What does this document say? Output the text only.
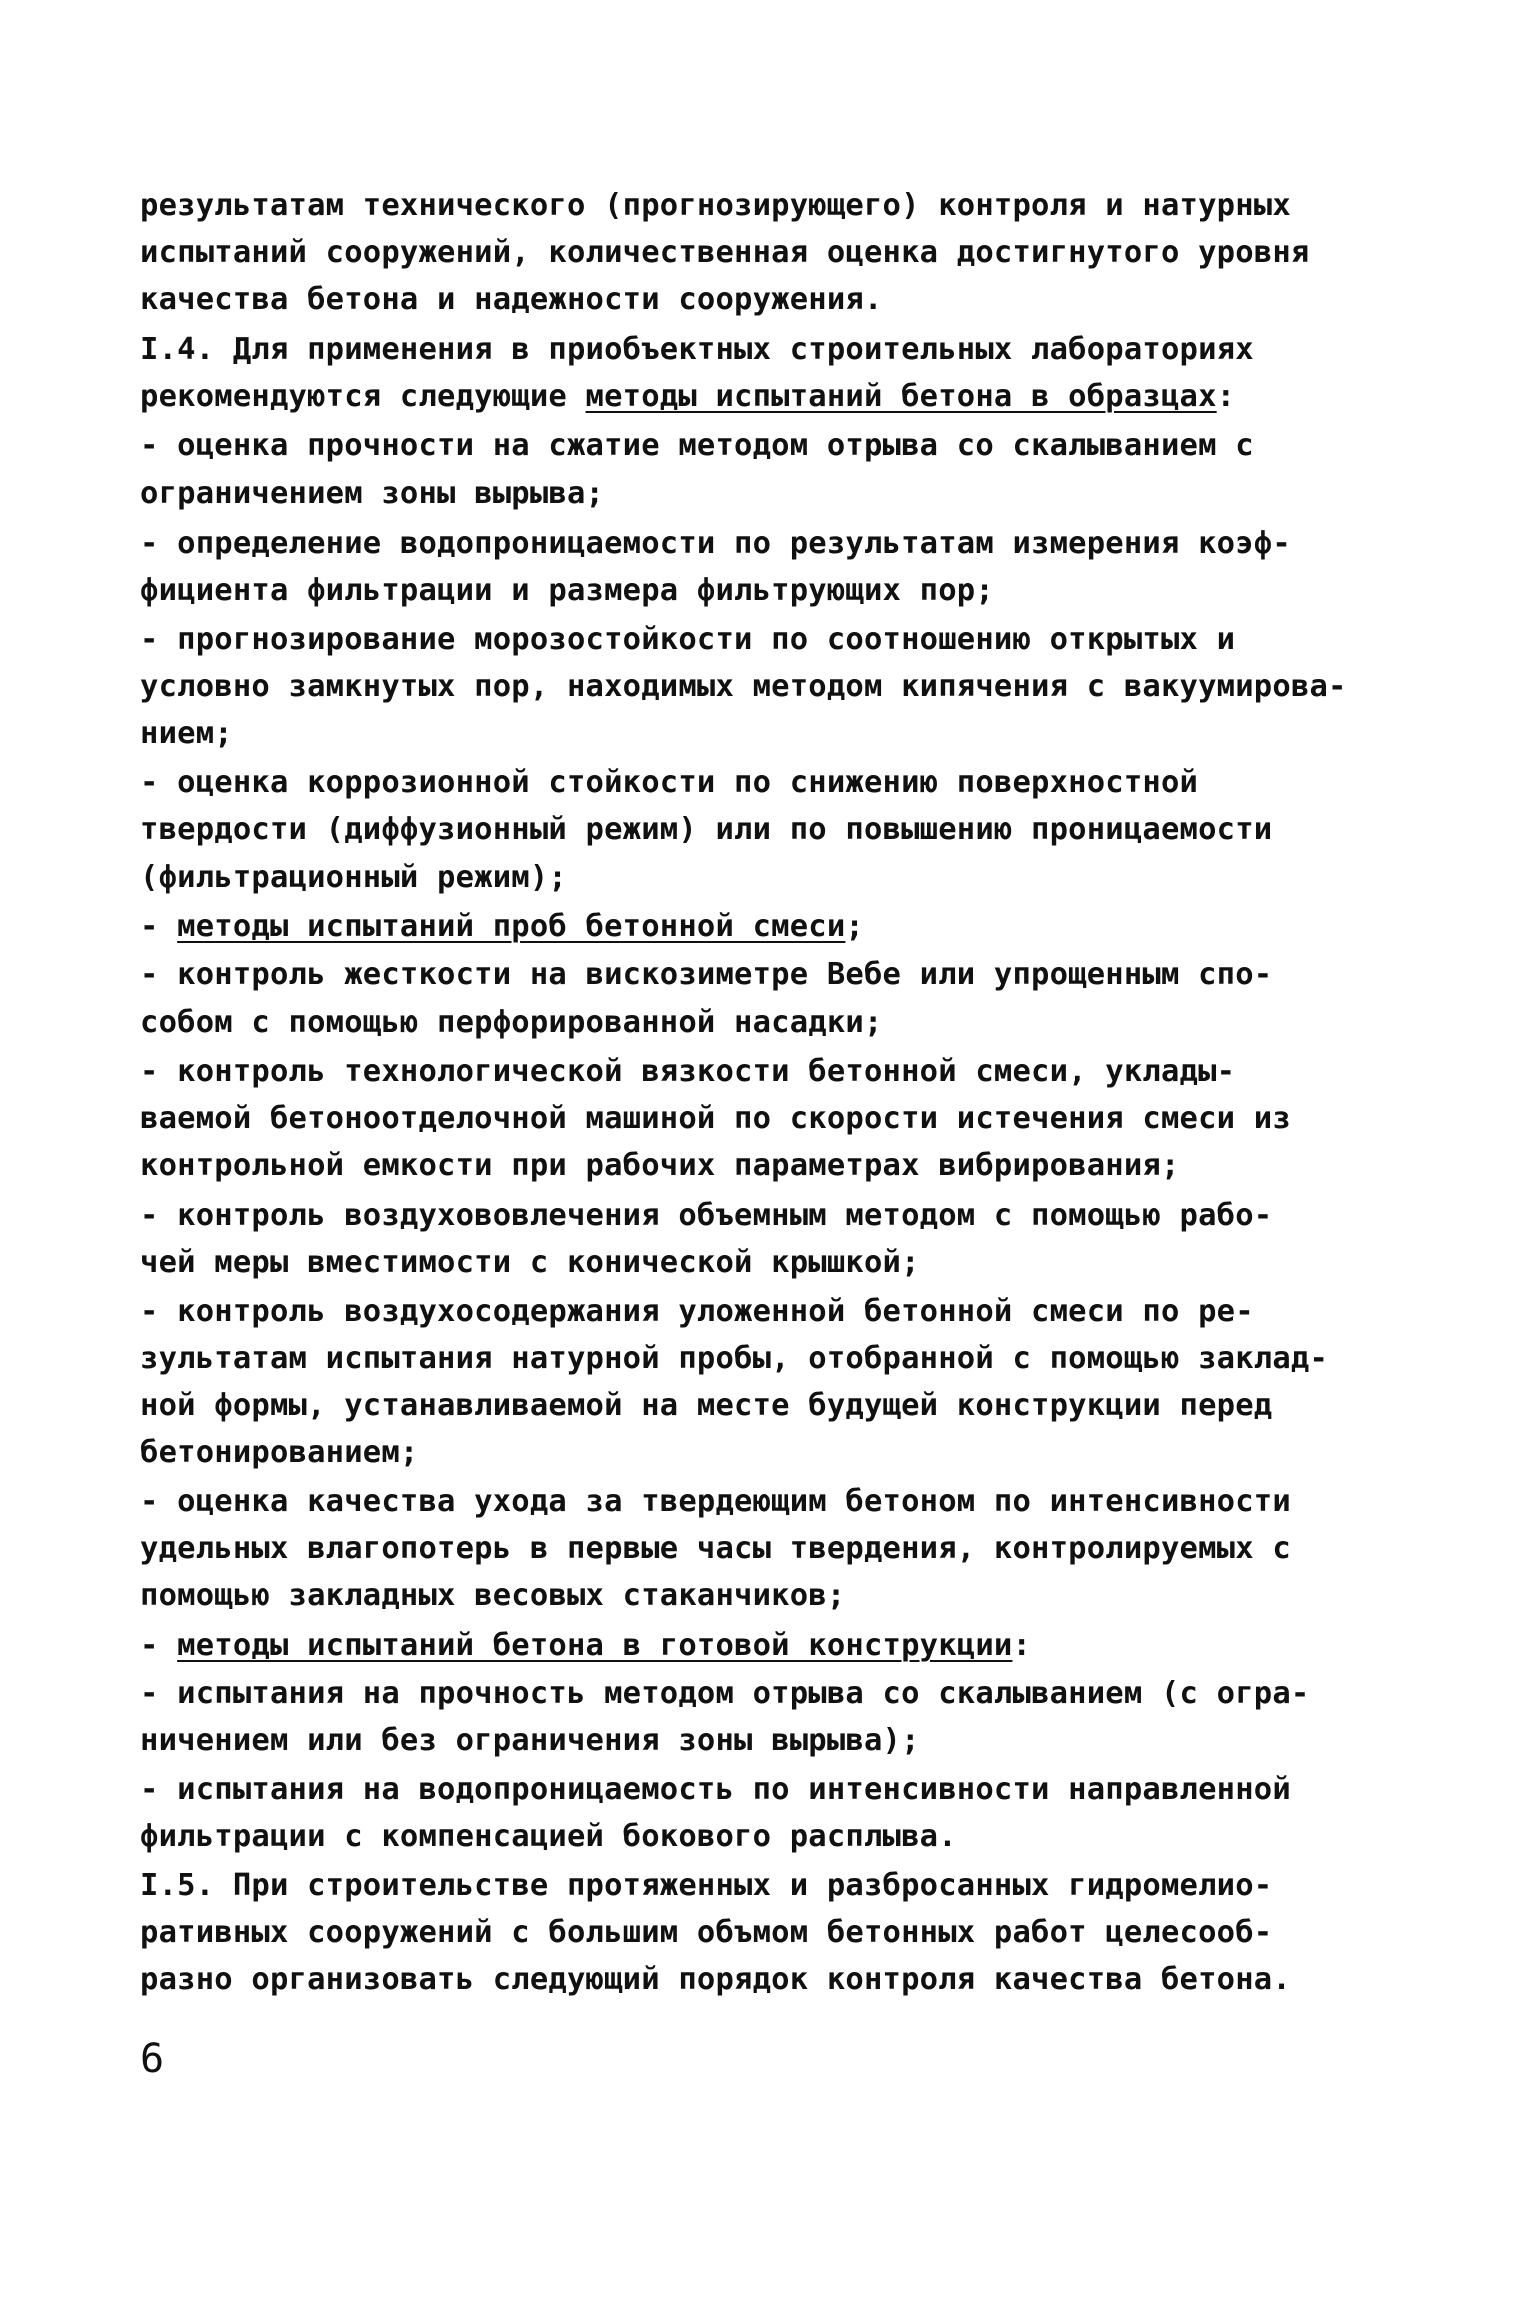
результатам технического (прогнозирующего) контроля и натурных
испытаний сооружений, количественная оценка достигнутого уровня
качества бетона и надежности сооружения.
I.4. Для применения в приобъектных строительных лабораториях
рекомендуются следующие методы испытаний бетона в образцах:
- оценка прочности на сжатие методом отрыва со скалыванием с
ограничением зоны вырыва;
- определение водопроницаемости по результатам измерения коэф-
фициента фильтрации и размера фильтрующих пор;
- прогнозирование морозостойкости по соотношению открытых и
условно замкнутых пор, находимых методом кипячения с вакуумирова-
нием;
- оценка коррозионной стойкости по снижению поверхностной
твердости (диффузионный режим) или по повышению проницаемости
(фильтрационный режим);
- методы испытаний проб бетонной смеси;
- контроль жесткости на вискозиметре Вебе или упрощенным спо-
собом с помощью перфорированной насадки;
- контроль технологической вязкости бетонной смеси, уклады-
ваемой бетоноотделочной машиной по скорости истечения смеси из
контрольной емкости при рабочих параметрах вибрирования;
- контроль воздухововлечения объемным методом с помощью рабо-
чей меры вместимости с конической крышкой;
- контроль воздухосодержания уложенной бетонной смеси по ре-
зультатам испытания натурной пробы, отобранной с помощью заклад-
ной формы, устанавливаемой на месте будущей конструкции перед
бетонированием;
- оценка качества ухода за твердеющим бетоном по интенсивности
удельных влагопотерь в первые часы твердения, контролируемых с
помощью закладных весовых стаканчиков;
- методы испытаний бетона в готовой конструкции:
- испытания на прочность методом отрыва со скалыванием (с огра-
ничением или без ограничения зоны вырыва);
- испытания на водопроницаемость по интенсивности направленной
фильтрации с компенсацией бокового расплыва.
I.5. При строительстве протяженных и разбросанных гидромелио-
ративных сооружений с большим объмом бетонных работ целесооб-
разно организовать следующий порядок контроля качества бетона.
6
